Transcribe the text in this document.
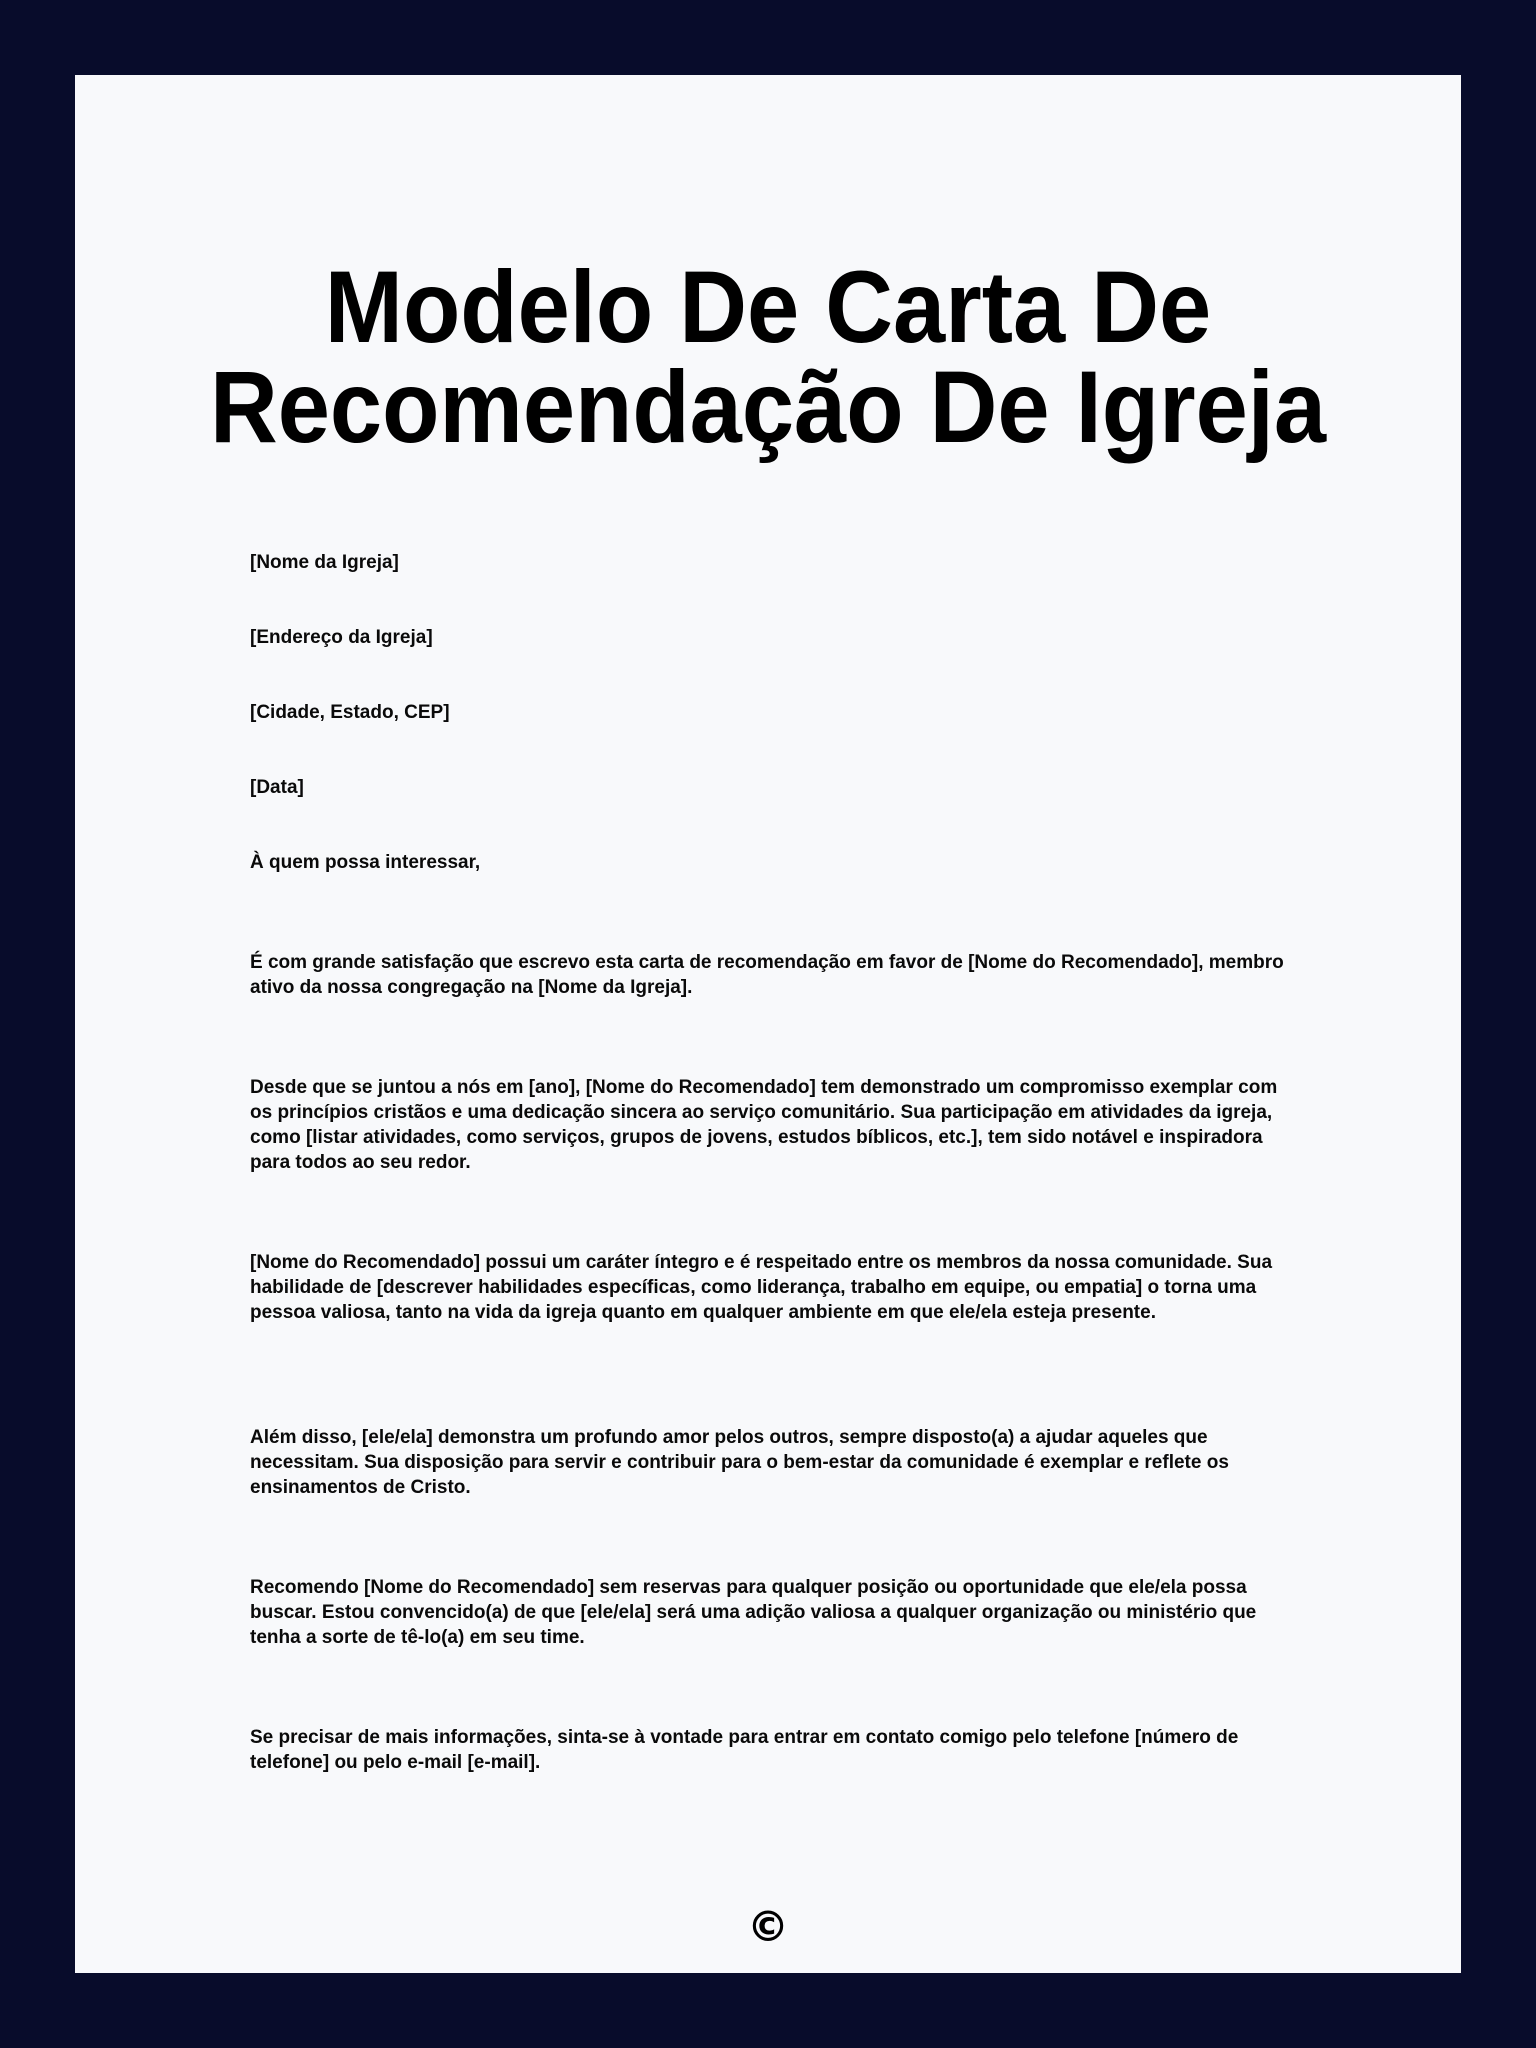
Modelo De Carta De
Recomendação De Igreja

[Nome da Igreja]

[Endereço da Igreja]

[Cidade, Estado, CEP]

[Data]

À quem possa interessar,

É com grande satisfação que escrevo esta carta de recomendação em favor de [Nome do Recomendado], membro ativo da nossa congregação na [Nome da Igreja].

Desde que se juntou a nós em [ano], [Nome do Recomendado] tem demonstrado um compromisso exemplar com os princípios cristãos e uma dedicação sincera ao serviço comunitário. Sua participação em atividades da igreja, como [listar atividades, como serviços, grupos de jovens, estudos bíblicos, etc.], tem sido notável e inspiradora para todos ao seu redor.

[Nome do Recomendado] possui um caráter íntegro e é respeitado entre os membros da nossa comunidade. Sua habilidade de [descrever habilidades específicas, como liderança, trabalho em equipe, ou empatia] o torna uma pessoa valiosa, tanto na vida da igreja quanto em qualquer ambiente em que ele/ela esteja presente.

Além disso, [ele/ela] demonstra um profundo amor pelos outros, sempre disposto(a) a ajudar aqueles que necessitam. Sua disposição para servir e contribuir para o bem-estar da comunidade é exemplar e reflete os ensinamentos de Cristo.

Recomendo [Nome do Recomendado] sem reservas para qualquer posição ou oportunidade que ele/ela possa buscar. Estou convencido(a) de que [ele/ela] será uma adição valiosa a qualquer organização ou ministério que tenha a sorte de tê-lo(a) em seu time.

Se precisar de mais informações, sinta-se à vontade para entrar em contato comigo pelo telefone [número de telefone] ou pelo e-mail [e-mail].

©
